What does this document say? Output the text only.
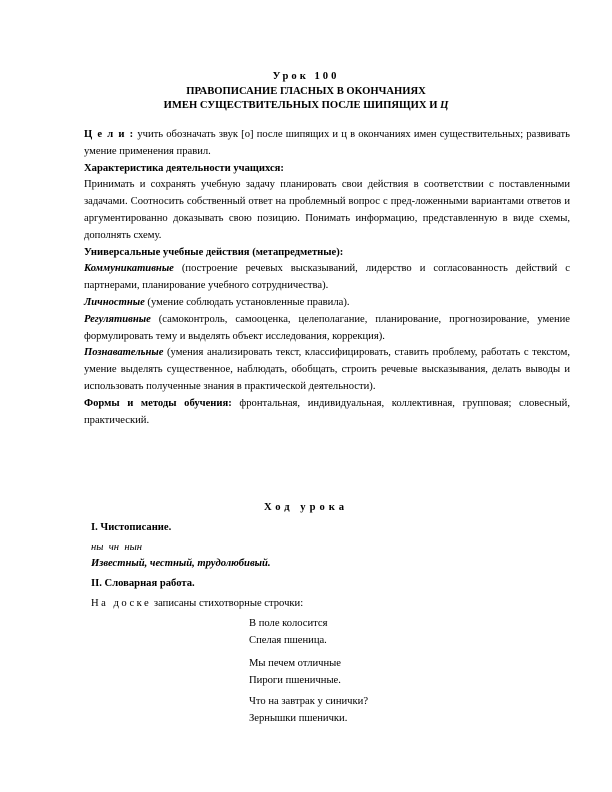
Урок 100
ПРАВОПИСАНИЕ ГЛАСНЫХ В ОКОНЧАНИЯХ
ИМЕН СУЩЕСТВИТЕЛЬНЫХ ПОСЛЕ ШИПЯЩИХ И Ц

Ц е л и : учить обозначать звук [о] после шипящих и ц в окончаниях имен существительных; развивать умение применения правил.

Характеристика деятельности учащихся:

Принимать и сохранять учебную задачу планировать свои действия в соответствии с поставленными задачами. Соотносить собственный ответ на проблемный вопрос с пред-ложенными вариантами ответов и аргументированно доказывать свою позицию. Понимать информацию, представленную в виде схемы, дополнять схему.

Универсальные учебные действия (метапредметные):

Коммуникативные (построение речевых высказываний, лидерство и согласованность действий с партнерами, планирование учебного сотрудничества).

Личностные (умение соблюдать установленные правила).

Регулятивные (самоконтроль, самооценка, целеполагание, планирование, прогнозирование, умение формулировать тему и выделять объект исследования, коррекция).

Познавательные (умения анализировать текст, классифицировать, ставить проблему, работать с текстом, умение выделять существенное, наблюдать, обобщать, строить речевые высказывания, делать выводы и использовать полученные знания в практической деятельности).

Формы и методы обучения: фронтальная, индивидуальная, коллективная, групповая; словесный, практический.

Ход урока
I. Чистописание.
ны  чн  нын
Известный, честный, трудолюбивый.
II. Словарная работа.
На доске записаны стихотворные строчки:

В поле колосится

Спелая пшеница.

Мы печем отличные

Пироги пшеничные.

Что на завтрак у синички?

Зернышки пшенички.
